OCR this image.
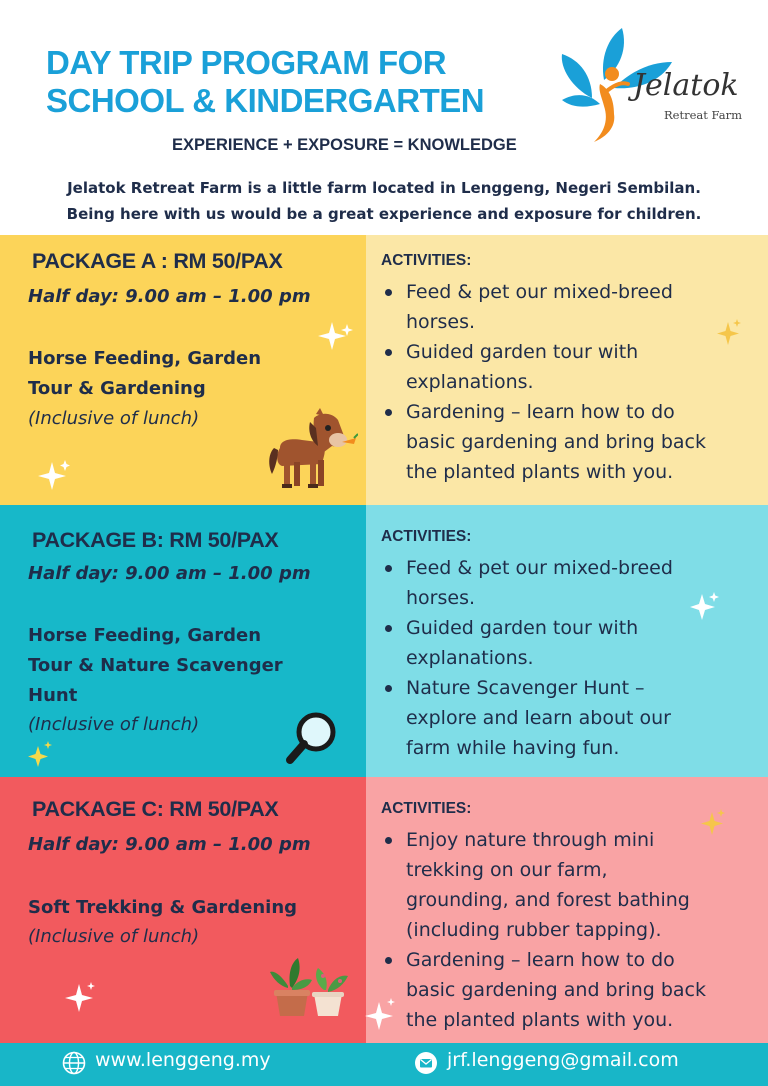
DAY TRIP PROGRAM FOR
SCHOOL & KINDERGARTEN
EXPERIENCE + EXPOSURE = KNOWLEDGE
Jelatok
Retreat Farm
Jelatok Retreat Farm is a little farm located in Lenggeng, Negeri Sembilan.
Being here with us would be a great experience and exposure for children.
PACKAGE A : RM 50/PAX
Half day: 9.00 am – 1.00 pm
Horse Feeding, Garden
Tour & Gardening
(Inclusive of lunch)
ACTIVITIES:
Feed & pet our mixed-breed
horses.
Guided garden tour with
explanations.
Gardening – learn how to do
basic gardening and bring back
the planted plants with you.
PACKAGE B: RM 50/PAX
Half day: 9.00 am – 1.00 pm
Horse Feeding, Garden
Tour & Nature Scavenger
Hunt
(Inclusive of lunch)
ACTIVITIES:
Feed & pet our mixed-breed
horses.
Guided garden tour with
explanations.
Nature Scavenger Hunt –
explore and learn about our
farm while having fun.
PACKAGE C: RM 50/PAX
Half day: 9.00 am – 1.00 pm
Soft Trekking & Gardening
(Inclusive of lunch)
ACTIVITIES:
Enjoy nature through mini
trekking on our farm,
grounding, and forest bathing
(including rubber tapping).
Gardening – learn how to do
basic gardening and bring back
the planted plants with you.
www.lenggeng.my	jrf.lenggeng@gmail.com
